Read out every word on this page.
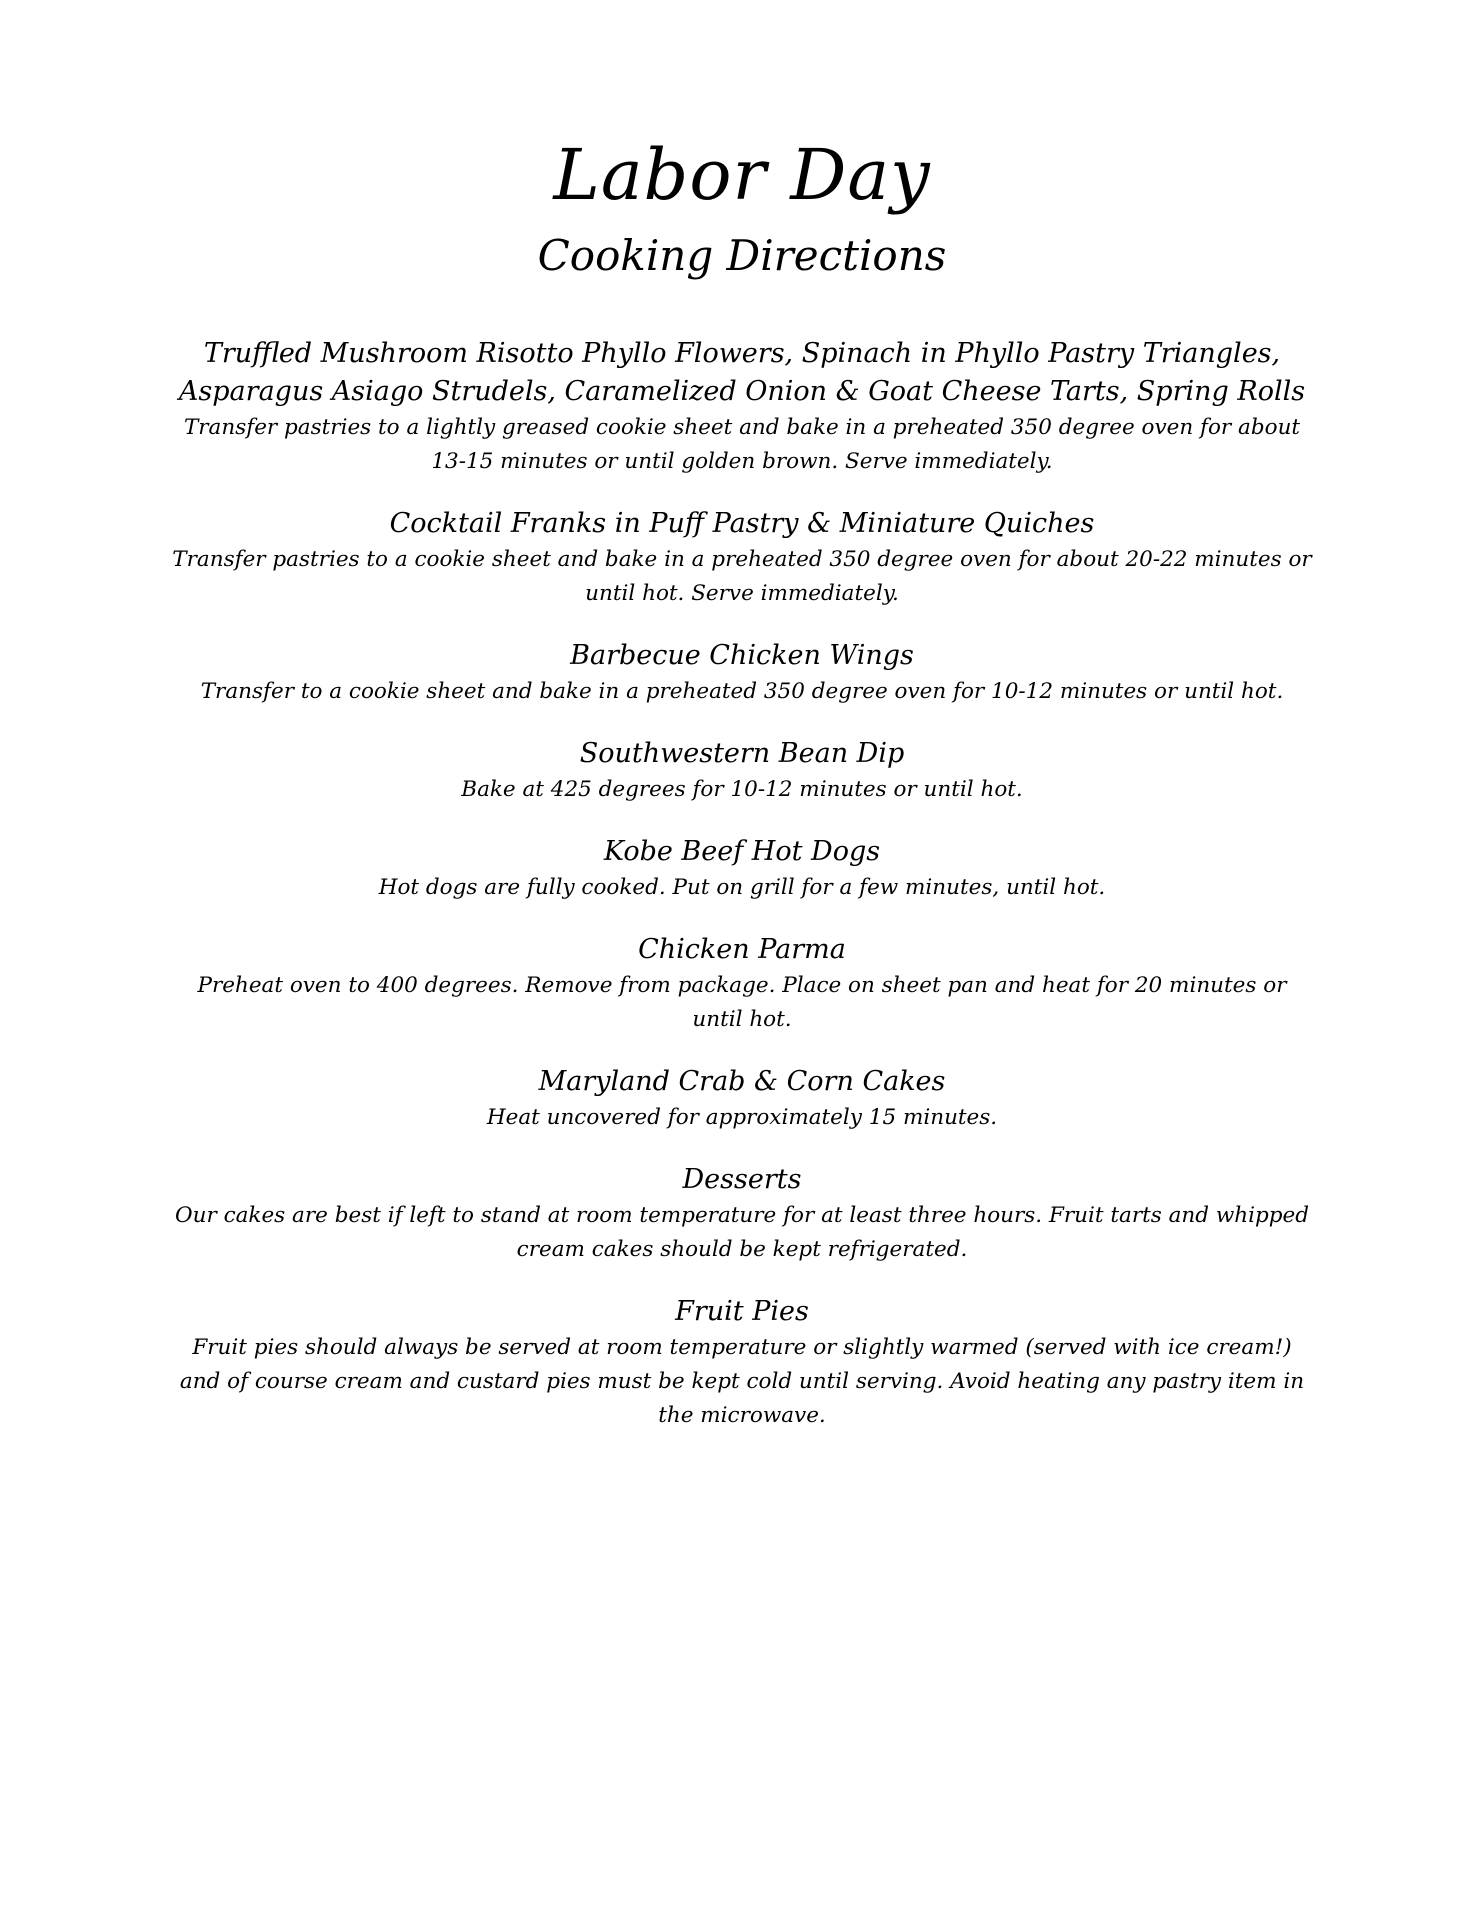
Labor Day
Cooking Directions
Truffled Mushroom Risotto Phyllo Flowers, Spinach in Phyllo Pastry Triangles, Asparagus Asiago Strudels, Caramelized Onion & Goat Cheese Tarts, Spring Rolls
Transfer pastries to a lightly greased cookie sheet and bake in a preheated 350 degree oven for about 13-15 minutes or until golden brown. Serve immediately.
Cocktail Franks in Puff Pastry & Miniature Quiches
Transfer pastries to a cookie sheet and bake in a preheated 350 degree oven for about 20-22 minutes or until hot. Serve immediately.
Barbecue Chicken Wings
Transfer to a cookie sheet and bake in a preheated 350 degree oven for 10-12 minutes or until hot.
Southwestern Bean Dip
Bake at 425 degrees for 10-12 minutes or until hot.
Kobe Beef Hot Dogs
Hot dogs are fully cooked. Put on grill for a few minutes, until hot.
Chicken Parma
Preheat oven to 400 degrees. Remove from package. Place on sheet pan and heat for 20 minutes or until hot.
Maryland Crab & Corn Cakes
Heat uncovered for approximately 15 minutes.
Desserts
Our cakes are best if left to stand at room temperature for at least three hours. Fruit tarts and whipped cream cakes should be kept refrigerated.
Fruit Pies
Fruit pies should always be served at room temperature or slightly warmed (served with ice cream!) and of course cream and custard pies must be kept cold until serving. Avoid heating any pastry item in the microwave.
